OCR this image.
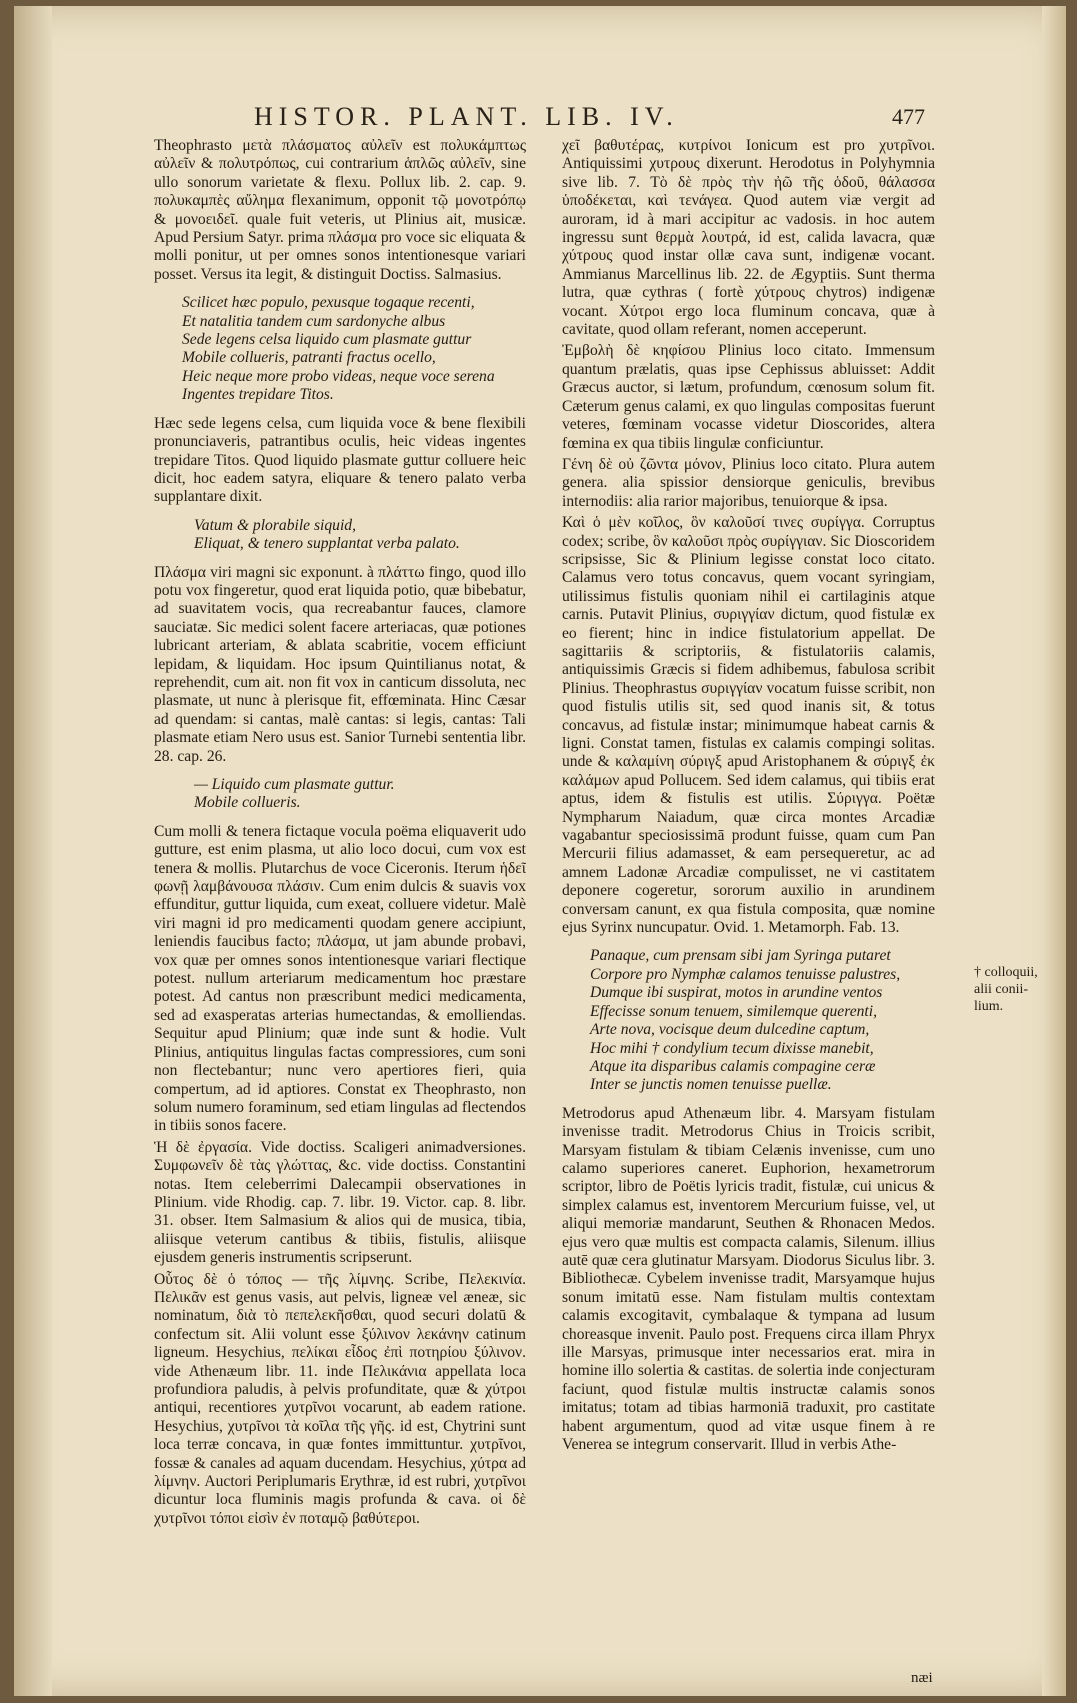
HISTOR. PLANT. LIB. IV.	477

Theophrasto μετὰ πλάσματος αὐλεῖν est πολυκάμπτως αὐλεῖν & πολυτρόπως, cui contrarium ἁπλῶς αὐλεῖν, sine ullo sonorum varietate & flexu. Pollux lib. 2. cap. 9. πολυκαμπὲς αὔλημα flexanimum, opponit τῷ μονοτρόπῳ & μονοειδεῖ. quale fuit veteris, ut Plinius ait, musicæ. Apud Persium Satyr. prima πλάσμα pro voce sic eliquata & molli ponitur, ut per omnes sonos intentionesque variari posset. Versus ita legit, & distinguit Doctiss. Salmasius.

Scilicet hæc populo, pexusque togaque recenti,
Et natalitia tandem cum sardonyche albus
Sede legens celsa liquido cum plasmate guttur
Mobile collueris, patranti fractus ocello,
Heic neque more probo videas, neque voce serena
Ingentes trepidare Titos.

Hæc sede legens celsa, cum liquida voce & bene flexibili pronunciaveris, patrantibus oculis, heic videas ingentes trepidare Titos. Quod liquido plasmate guttur colluere heic dicit, hoc eadem satyra, eliquare & tenero palato verba supplantare dixit.

Vatum & plorabile siquid,
Eliquat, & tenero supplantat verba palato.

Πλάσμα viri magni sic exponunt. à πλάττω fingo, quod illo potu vox fingeretur, quod erat liquida potio, quæ bibebatur, ad suavitatem vocis, qua recreabantur fauces, clamore sauciatæ. Sic medici solent facere arteriacas, quæ potiones lubricant arteriam, & ablata scabritie, vocem efficiunt lepidam, & liquidam. Hoc ipsum Quintilianus notat, & reprehendit, cum ait. non fit vox in canticum dissoluta, nec plasmate, ut nunc à plerisque fit, effœminata. Hinc Cæsar ad quendam: si cantas, malè cantas: si legis, cantas: Tali plasmate etiam Nero usus est. Sanior Turnebi sententia libr. 28. cap. 26.

— Liquido cum plasmate guttur.
Mobile collueris.

Cum molli & tenera fictaque vocula poëma eliquaverit udo gutture, est enim plasma, ut alio loco docui, cum vox est tenera & mollis. Plutarchus de voce Ciceronis. Iterum ἡδεῖ φωνῇ λαμβάνουσα πλάσιν. Cum enim dulcis & suavis vox effunditur, guttur liquida, cum exeat, colluere videtur. Malè viri magni id pro medicamenti quodam genere accipiunt, leniendis faucibus facto; πλάσμα, ut jam abunde probavi, vox quæ per omnes sonos intentionesque variari flectique potest. nullum arteriarum medicamentum hoc præstare potest. Ad cantus non præscribunt medici medicamenta, sed ad exasperatas arterias humectandas, & emolliendas. Sequitur apud Plinium; quæ inde sunt & hodie. Vult Plinius, antiquitus lingulas factas compressiores, cum soni non flectebantur; nunc vero apertiores fieri, quia compertum, ad id aptiores. Constat ex Theophrasto, non solum numero foraminum, sed etiam lingulas ad flectendos in tibiis sonos facere.

Ἡ δὲ ἐργασία. Vide doctiss. Scaligeri animadversiones. Συμφωνεῖν δὲ τὰς γλώττας, &c. vide doctiss. Constantini notas. Item celeberrimi Dalecampii observationes in Plinium. vide Rhodig. cap. 7. libr. 19. Victor. cap. 8. libr. 31. obser. Item Salmasium & alios qui de musica, tibia, aliisque veterum cantibus & tibiis, fistulis, aliisque ejusdem generis instrumentis scripserunt.

Οὗτος δὲ ὁ τόπος — τῆς λίμνης. Scribe, Πελεκινία. Πελικᾶν est genus vasis, aut pelvis, ligneæ vel æneæ, sic nominatum, διὰ τὸ πεπελεκῆσθαι, quod securi dolatū & confectum sit. Alii volunt esse ξύλινον λεκάνην catinum ligneum. Hesychius, πελίκαι εἶδος ἐπὶ ποτηρίου ξύλινον. vide Athenæum libr. 11. inde Πελικάνια appellata loca profundiora paludis, à pelvis profunditate, quæ & χύτροι antiqui, recentiores χυτρῖνοι vocarunt, ab eadem ratione. Hesychius, χυτρῖνοι τὰ κοῖλα τῆς γῆς. id est, Chytrini sunt loca terræ concava, in quæ fontes immittuntur. χυτρῖνοι, fossæ & canales ad aquam ducendam. Hesychius, χύτρα ad λίμνην. Auctori Periplumaris Erythræ, id est rubri, χυτρῖνοι dicuntur loca fluminis magis profunda & cava. οἱ δὲ χυτρῖνοι τόποι εἰσὶν ἐν ποταμῷ βαθύτεροι.

χεῖ βαθυτέρας, κυτρίνοι Ionicum est pro χυτρῖνοι. Antiquissimi χυτρους dixerunt. Herodotus in Polyhymnia sive lib. 7. Τὸ δὲ πρὸς τὴν ἠῶ τῆς ὁδοῦ, θάλασσα ὑποδέκεται, καὶ τενάγεα. Quod autem viæ vergit ad auroram, id à mari accipitur ac vadosis. in hoc autem ingressu sunt θερμὰ λουτρά, id est, calida lavacra, quæ χύτρους quod instar ollæ cava sunt, indigenæ vocant. Ammianus Marcellinus lib. 22. de Ægyptiis. Sunt therma lutra, quæ cythras ( fortè χύτρους chytros) indigenæ vocant. Χύτροι ergo loca fluminum concava, quæ à cavitate, quod ollam referant, nomen acceperunt.

Ἐμβολὴ δὲ κηφίσου Plinius loco citato. Immensum quantum prælatis, quas ipse Cephissus abluisset: Addit Græcus auctor, si lætum, profundum, cœnosum solum fit. Cæterum genus calami, ex quo lingulas compositas fuerunt veteres, fœminam vocasse videtur Dioscorides, altera fœmina ex qua tibiis lingulæ conficiuntur.

Γένη δὲ οὐ ζῶντα μόνον, Plinius loco citato. Plura autem genera. alia spissior densiorque geniculis, brevibus internodiis: alia rarior majoribus, tenuiorque & ipsa.

Καὶ ὁ μὲν κοῖλος, ὃν καλοῦσί τινες συρίγγα. Corruptus codex; scribe, ὃν καλοῦσι πρὸς συρίγγιαν. Sic Dioscoridem scripsisse, Sic & Plinium legisse constat loco citato. Calamus vero totus concavus, quem vocant syringiam, utilissimus fistulis quoniam nihil ei cartilaginis atque carnis. Putavit Plinius, συριγγίαν dictum, quod fistulæ ex eo fierent; hinc in indice fistulatorium appellat. De sagittariis & scriptoriis, & fistulatoriis calamis, antiquissimis Græcis si fidem adhibemus, fabulosa scribit Plinius. Theophrastus συριγγίαν vocatum fuisse scribit, non quod fistulis utilis sit, sed quod inanis sit, & totus concavus, ad fistulæ instar; minimumque habeat carnis & ligni. Constat tamen, fistulas ex calamis compingi solitas. unde & καλαμίνη σύριγξ apud Aristophanem & σύριγξ ἐκ καλάμων apud Pollucem. Sed idem calamus, qui tibiis erat aptus, idem & fistulis est utilis. Σύριγγα. Poëtæ Nympharum Naiadum, quæ circa montes Arcadiæ vagabantur speciosissimā produnt fuisse, quam cum Pan Mercurii filius adamasset, & eam persequeretur, ac ad amnem Ladonæ Arcadiæ compulisset, ne vi castitatem deponere cogeretur, sororum auxilio in arundinem conversam canunt, ex qua fistula composita, quæ nomine ejus Syrinx nuncupatur. Ovid. 1. Metamorph. Fab. 13.

Panaque, cum prensam sibi jam Syringa putaret
Corpore pro Nymphæ calamos tenuisse palustres,
Dumque ibi suspirat, motos in arundine ventos
Effecisse sonum tenuem, similemque querenti,
Arte nova, vocisque deum dulcedine captum,
Hoc mihi † condylium tecum dixisse manebit,
Atque ita disparibus calamis compagine ceræ
Inter se junctis nomen tenuisse puellæ.

Metrodorus apud Athenæum libr. 4. Marsyam fistulam invenisse tradit. Metrodorus Chius in Troicis scribit, Marsyam fistulam & tibiam Celænis invenisse, cum uno calamo superiores caneret. Euphorion, hexametrorum scriptor, libro de Poëtis lyricis tradit, fistulæ, cui unicus & simplex calamus est, inventorem Mercurium fuisse, vel, ut aliqui memoriæ mandarunt, Seuthen & Rhonacen Medos. ejus vero quæ multis est compacta calamis, Silenum. illius autē quæ cera glutinatur Marsyam. Diodorus Siculus libr. 3. Bibliothecæ. Cybelem invenisse tradit, Marsyamque hujus sonum imitatū esse. Nam fistulam multis contextam calamis excogitavit, cymbalaque & tympana ad lusum choreasque invenit. Paulo post. Frequens circa illam Phryx ille Marsyas, primusque inter necessarios erat. mira in homine illo solertia & castitas. de solertia inde conjecturam faciunt, quod fistulæ multis instructæ calamis sonos imitatus; totam ad tibias harmoniā traduxit, pro castitate habent argumentum, quod ad vitæ usque finem à re Venerea se integrum conservarit. Illud in verbis Athe-

† colloquii, alii conii- lium.
næi
